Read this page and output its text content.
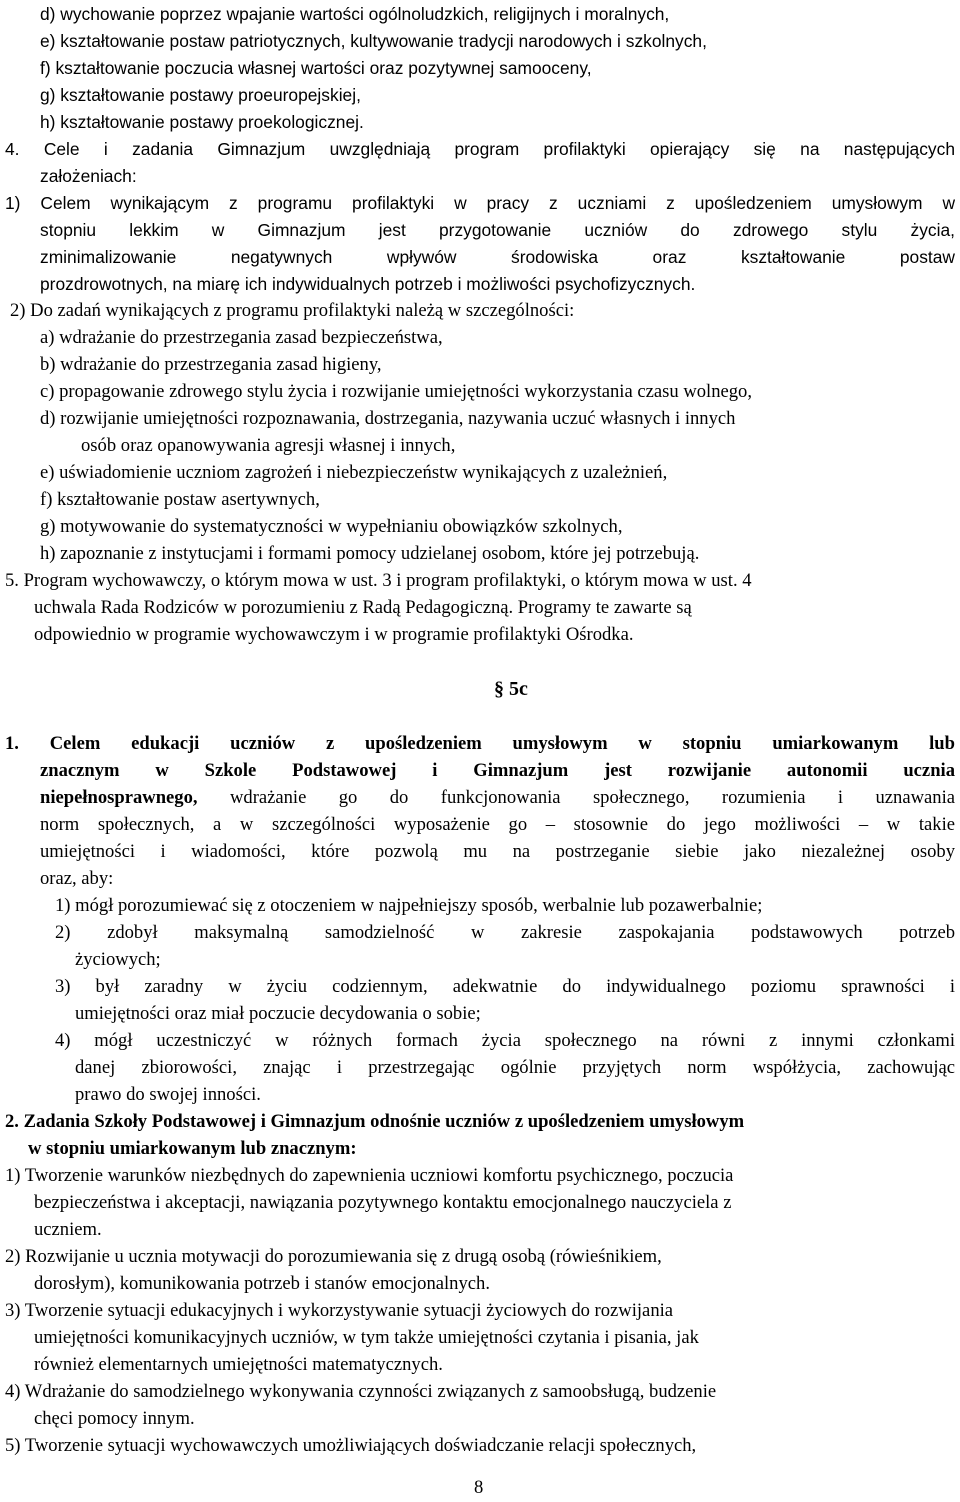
d) wychowanie poprzez wpajanie wartości ogólnoludzkich, religijnych i moralnych,
e) kształtowanie postaw patriotycznych, kultywowanie tradycji narodowych i szkolnych,
f) kształtowanie poczucia własnej wartości oraz pozytywnej samooceny,
g) kształtowanie postawy proeuropejskiej,
h) kształtowanie postawy proekologicznej.
4. Cele i zadania Gimnazjum uwzględniają program profilaktyki opierający się na następujących
założeniach:
1) Celem wynikającym z programu profilaktyki w pracy z uczniami z upośledzeniem umysłowym w
stopniu lekkim w Gimnazjum jest przygotowanie uczniów do zdrowego stylu życia,
zminimalizowanie negatywnych wpływów środowiska oraz kształtowanie postaw
prozdrowotnych, na miarę ich indywidualnych potrzeb i możliwości psychofizycznych.
2) Do zadań wynikających z programu profilaktyki należą w szczególności:
a) wdrażanie do przestrzegania zasad bezpieczeństwa,
b) wdrażanie do przestrzegania zasad higieny,
c) propagowanie zdrowego stylu życia i rozwijanie umiejętności wykorzystania czasu wolnego,
d) rozwijanie umiejętności rozpoznawania, dostrzegania, nazywania uczuć własnych i innych
osób oraz opanowywania agresji własnej i innych,
e) uświadomienie uczniom zagrożeń i niebezpieczeństw wynikających z uzależnień,
f) kształtowanie postaw asertywnych,
g) motywowanie do systematyczności w wypełnianiu obowiązków szkolnych,
h) zapoznanie z instytucjami i formami pomocy udzielanej osobom, które jej potrzebują.
5. Program wychowawczy, o którym mowa w ust. 3 i program profilaktyki, o którym mowa w ust. 4
uchwala Rada Rodziców w porozumieniu z Radą Pedagogiczną. Programy te zawarte są
odpowiednio w programie wychowawczym i w programie profilaktyki Ośrodka.
§ 5c
1. Celem edukacji uczniów z upośledzeniem umysłowym w stopniu umiarkowanym lub
znacznym w Szkole Podstawowej i Gimnazjum jest rozwijanie autonomii ucznia
niepełnosprawnego, wdrażanie go do funkcjonowania społecznego, rozumienia i uznawania
norm społecznych, a w szczególności wyposażenie go – stosownie do jego możliwości – w takie
umiejętności i wiadomości, które pozwolą mu na postrzeganie siebie jako niezależnej osoby
oraz, aby:
1) mógł porozumiewać się z otoczeniem w najpełniejszy sposób, werbalnie lub pozawerbalnie;
2) zdobył maksymalną samodzielność w zakresie zaspokajania podstawowych potrzeb
życiowych;
3) był zaradny w życiu codziennym, adekwatnie do indywidualnego poziomu sprawności i
umiejętności oraz miał poczucie decydowania o sobie;
4) mógł uczestniczyć w różnych formach życia społecznego na równi z innymi członkami
danej zbiorowości, znając i przestrzegając ogólnie przyjętych norm współżycia, zachowując
prawo do swojej inności.
2. Zadania Szkoły Podstawowej i Gimnazjum odnośnie uczniów z upośledzeniem umysłowym
w stopniu umiarkowanym lub znacznym:
1) Tworzenie warunków niezbędnych do zapewnienia uczniowi komfortu psychicznego, poczucia
bezpieczeństwa i akceptacji, nawiązania pozytywnego kontaktu emocjonalnego nauczyciela z
uczniem.
2) Rozwijanie u ucznia motywacji do porozumiewania się z drugą osobą (rówieśnikiem,
dorosłym), komunikowania potrzeb i stanów emocjonalnych.
3) Tworzenie sytuacji edukacyjnych i wykorzystywanie sytuacji życiowych do rozwijania
umiejętności komunikacyjnych uczniów, w tym także umiejętności czytania i pisania, jak
również elementarnych umiejętności matematycznych.
4) Wdrażanie do samodzielnego wykonywania czynności związanych z samoobsługą, budzenie
chęci pomocy innym.
5) Tworzenie sytuacji wychowawczych umożliwiających doświadczanie relacji społecznych,
8
